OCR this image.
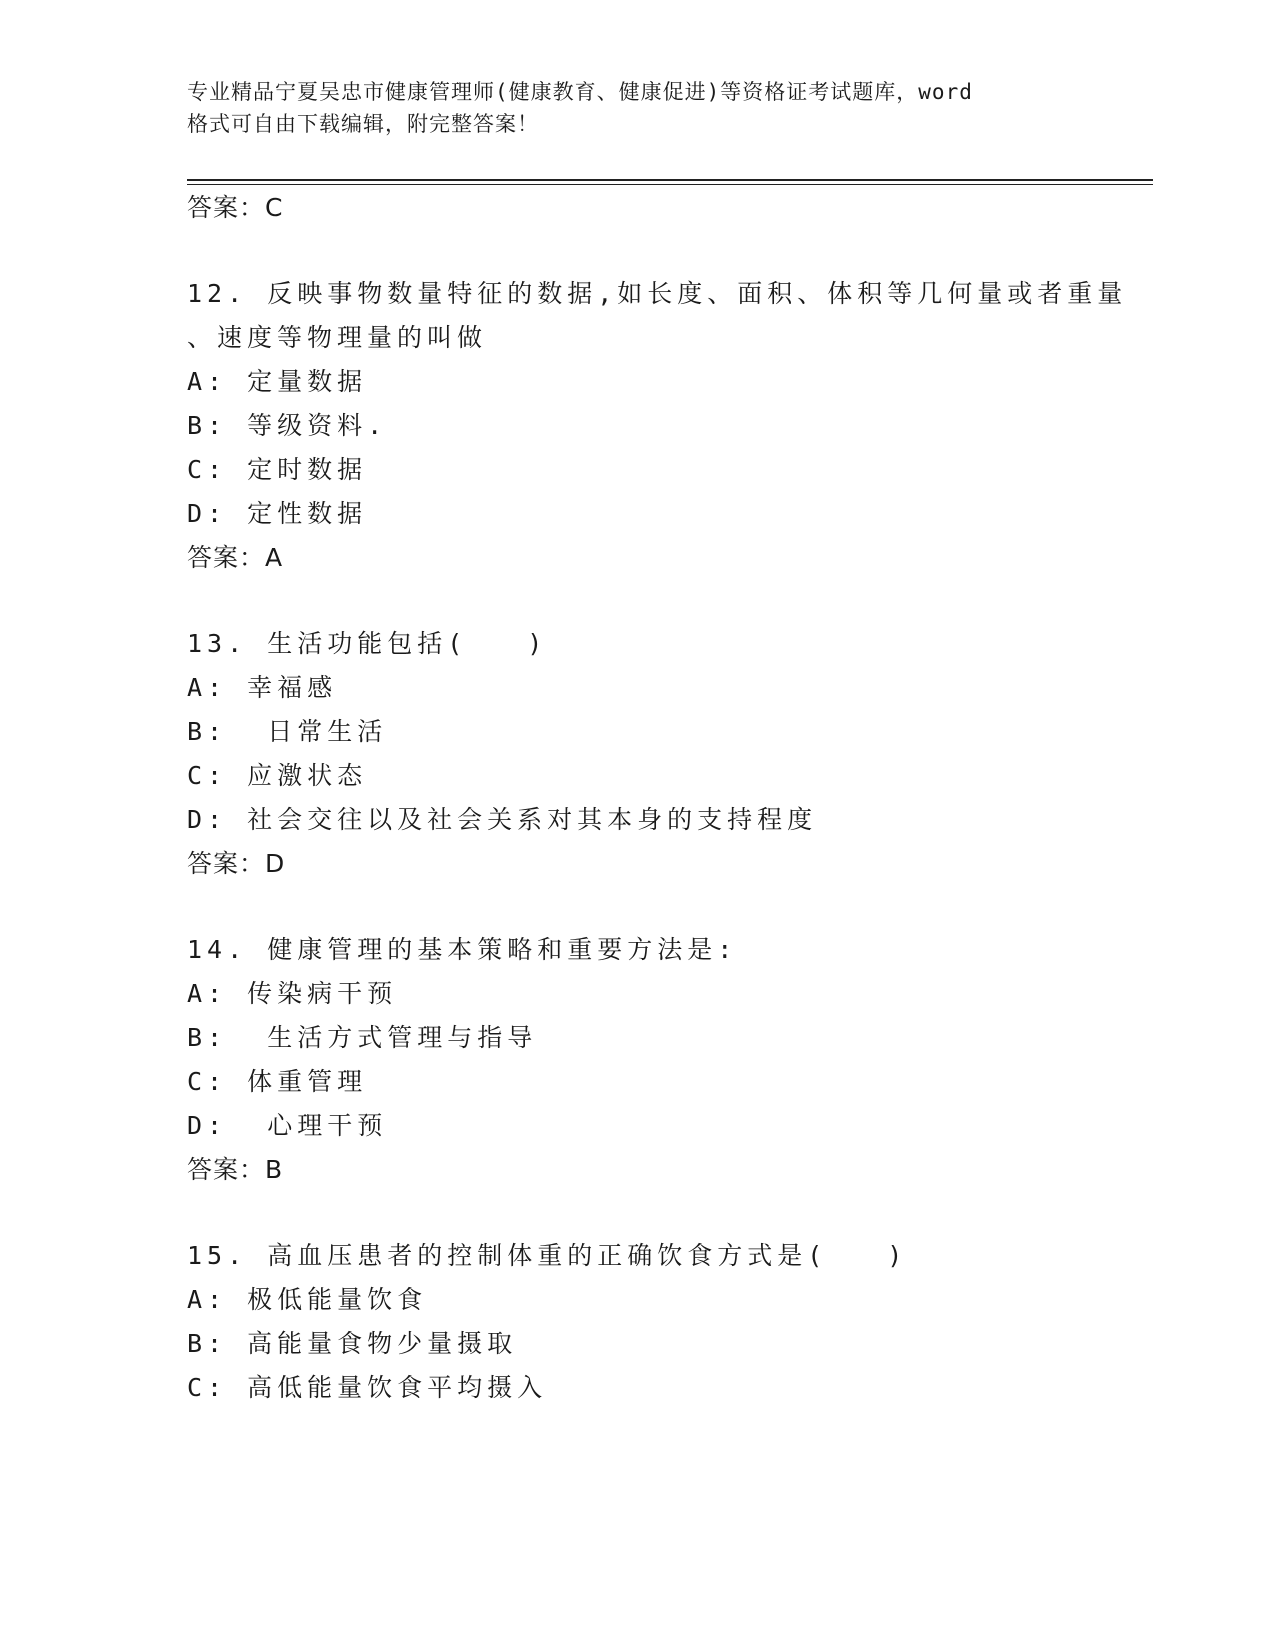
专业精品宁夏吴忠市健康管理师(健康教育、健康促进)等资格证考试题库，word
格式可自由下载编辑，附完整答案！
答案：C
12. 反映事物数量特征的数据,如长度、面积、体积等几何量或者重量
、速度等物理量的叫做
A: 定量数据
B: 等级资料.
C: 定时数据
D: 定性数据
答案：A
13. 生活功能包括(　　)
A: 幸福感
B:  日常生活
C: 应激状态
D: 社会交往以及社会关系对其本身的支持程度
答案：D
14. 健康管理的基本策略和重要方法是:
A: 传染病干预
B:  生活方式管理与指导
C: 体重管理
D:  心理干预
答案：B
15. 高血压患者的控制体重的正确饮食方式是(　　)
A: 极低能量饮食
B: 高能量食物少量摄取
C: 高低能量饮食平均摄入
